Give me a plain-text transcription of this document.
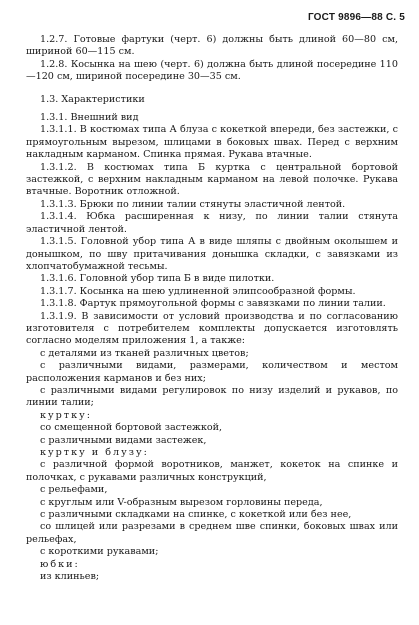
ГОСТ 9896—88 С. 5

1.2.7. Готовые фартуки (черт. 6) должны быть длиной 60—80 см, шириной 60—115 см.

1.2.8. Косынка на шею (черт. 6) должна быть длиной посередине 110—120 см, шириной посередине 30—35 см.

1.3. Характеристики

1.3.1. Внешний вид

1.3.1.1. В костюмах типа А блуза с кокеткой впереди, без застежки, с прямоугольным вырезом, шлицами в боковых швах. Перед с верхним накладным карманом. Спинка прямая. Рукава втачные.

1.3.1.2. В костюмах типа Б куртка с центральной бортовой застежкой, с верхним накладным карманом на левой полочке. Рукава втачные. Воротник отложной.

1.3.1.3. Брюки по линии талии стянуты эластичной лентой.

1.3.1.4. Юбка расширенная к низу, по линии талии стянута эластичной лентой.

1.3.1.5. Головной убор типа А в виде шляпы с двойным околышем и донышком, по шву притачивания донышка складки, с завязками из хлопчатобумажной тесьмы.

1.3.1.6. Головной убор типа Б в виде пилотки.

1.3.1.7. Косынка на шею удлиненной элипсообразной формы.

1.3.1.8. Фартук прямоугольной формы с завязками по линии талии.

1.3.1.9. В зависимости от условий производства и по согласованию изготовителя с потребителем комплекты допускается изготовлять согласно моделям приложения 1, а также:

с деталями из тканей различных цветов;

с различными видами, размерами, количеством и местом расположения карманов и без них;

с различными видами регулировок по низу изделий и рукавов, по линии талии;

куртку:

со смещенной бортовой застежкой,

с различными видами застежек,

куртку и блузу:

с различной формой воротников, манжет, кокеток на спинке и полочках, с рукавами различных конструкций,

с рельефами,

с круглым или V-образным вырезом горловины переда,

с различными складками на спинке, с кокеткой или без нее,

со шлицей или разрезами в среднем шве спинки, боковых швах или рельефах,

с короткими рукавами;

юбки:

из клиньев;
